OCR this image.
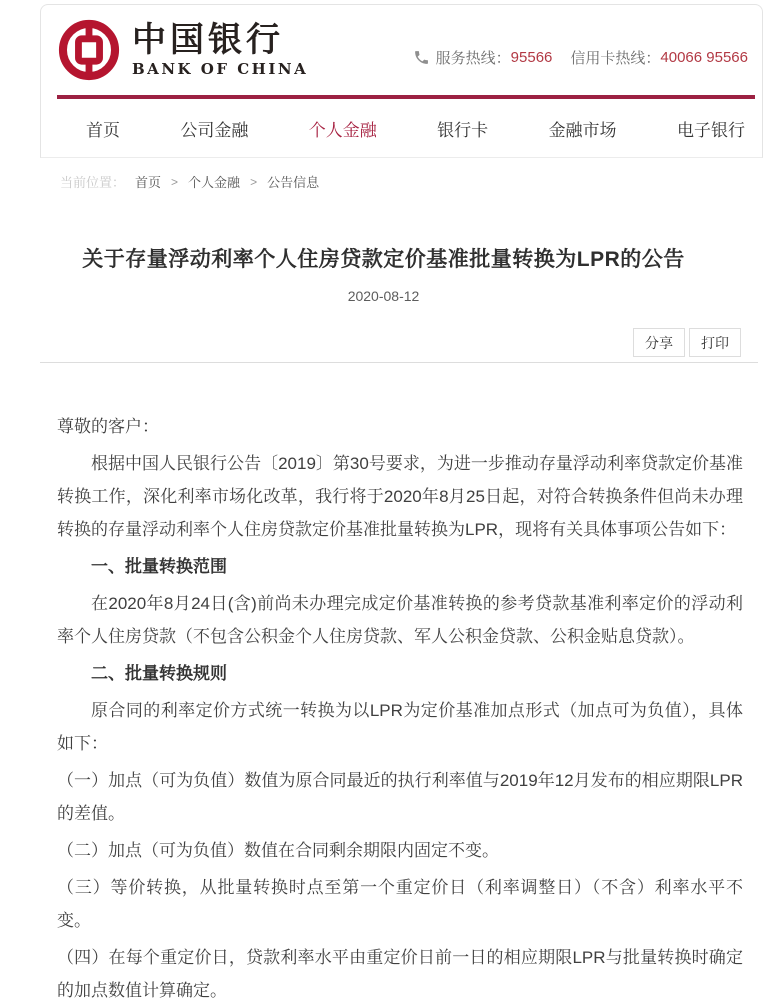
中国银行
BANK OF CHINA
服务热线： 95566 信用卡热线： 40066 95566
首页	公司金融	个人金融	银行卡	金融市场	电子银行
当前位置： 首页 > 个人金融 > 公告信息
关于存量浮动利率个人住房贷款定价基准批量转换为LPR的公告
2020-08-12
分享	打印

尊敬的客户：

根据中国人民银行公告〔2019〕第30号要求，为进一步推动存量浮动利率贷款定价基准转换工作，深化利率市场化改革，我行将于2020年8月25日起，对符合转换条件但尚未办理转换的存量浮动利率个人住房贷款定价基准批量转换为LPR，现将有关具体事项公告如下：

一、批量转换范围

在2020年8月24日(含)前尚未办理完成定价基准转换的参考贷款基准利率定价的浮动利率个人住房贷款（不包含公积金个人住房贷款、军人公积金贷款、公积金贴息贷款）。

二、批量转换规则

原合同的利率定价方式统一转换为以LPR为定价基准加点形式（加点可为负值），具体如下：

（一）加点（可为负值）数值为原合同最近的执行利率值与2019年12月发布的相应期限LPR的差值。

（二）加点（可为负值）数值在合同剩余期限内固定不变。

（三）等价转换，从批量转换时点至第一个重定价日（利率调整日）（不含）利率水平不变。

（四）在每个重定价日，贷款利率水平由重定价日前一日的相应期限LPR与批量转换时确定的加点数值计算确定。
